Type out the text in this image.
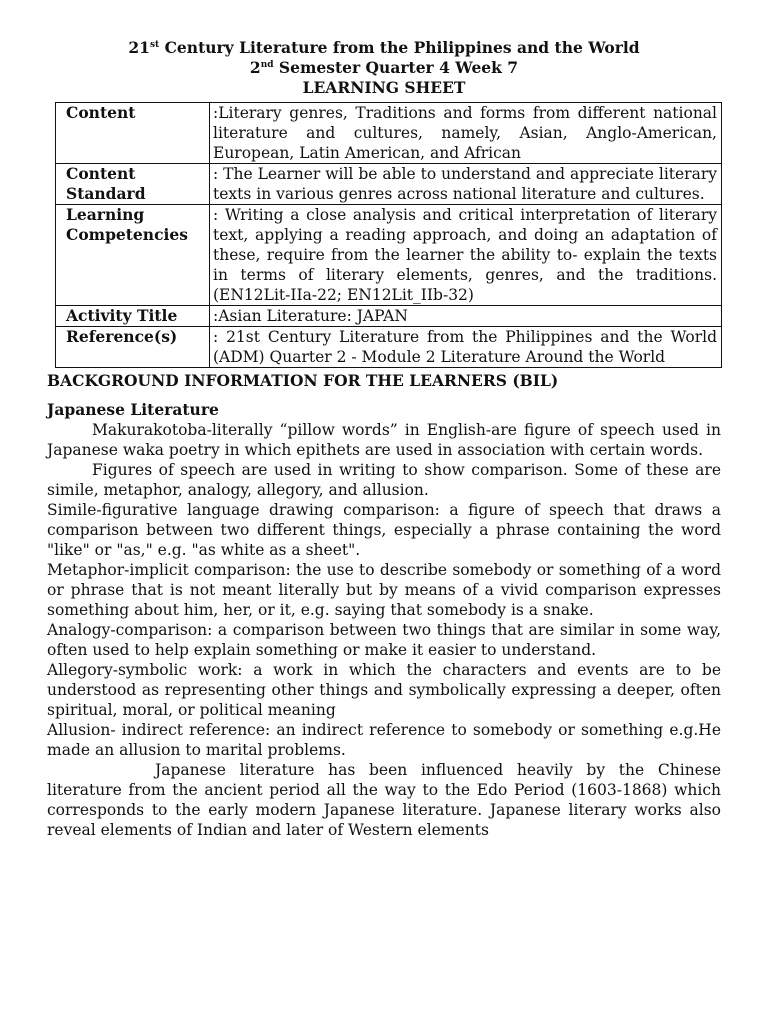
21st Century Literature from the Philippines and the World
2nd Semester Quarter 4 Week 7
LEARNING SHEET
Content	:Literary genres, Traditions and forms from different national literature and cultures, namely, Asian, Anglo-American, European, Latin American, and African
Content Standard	: The Learner will be able to understand and appreciate literary texts in various genres across national literature and cultures.
Learning Competencies	: Writing a close analysis and critical interpretation of literary text, applying a reading approach, and doing an adaptation of these, require from the learner the ability to- explain the texts in terms of literary elements, genres, and the traditions. (EN12Lit-IIa-22; EN12Lit_IIb-32)
Activity Title	:Asian Literature: JAPAN
Reference(s)	: 21st Century Literature from the Philippines and the World (ADM) Quarter 2 - Module 2 Literature Around the World
BACKGROUND INFORMATION FOR THE LEARNERS (BIL)
Japanese Literature

Makurakotoba-literally “pillow words” in English-are figure of speech used in Japanese waka poetry in which epithets are used in association with certain words.

Figures of speech are used in writing to show comparison. Some of these are simile, metaphor, analogy, allegory, and allusion.

Simile-figurative language drawing comparison: a figure of speech that draws a comparison between two different things, especially a phrase containing the word "like" or "as," e.g. "as white as a sheet".

Metaphor-implicit comparison: the use to describe somebody or something of a word or phrase that is not meant literally but by means of a vivid comparison expresses something about him, her, or it, e.g. saying that somebody is a snake.

Analogy-comparison: a comparison between two things that are similar in some way, often used to help explain something or make it easier to understand.

Allegory-symbolic work: a work in which the characters and events are to be understood as representing other things and symbolically expressing a deeper, often spiritual, moral, or political meaning

Allusion- indirect reference: an indirect reference to somebody or something e.g.He made an allusion to marital problems.

Japanese literature has been influenced heavily by the Chinese literature from the ancient period all the way to the Edo Period (1603-1868) which corresponds to the early modern Japanese literature. Japanese literary works also reveal elements of Indian and later of Western elements
